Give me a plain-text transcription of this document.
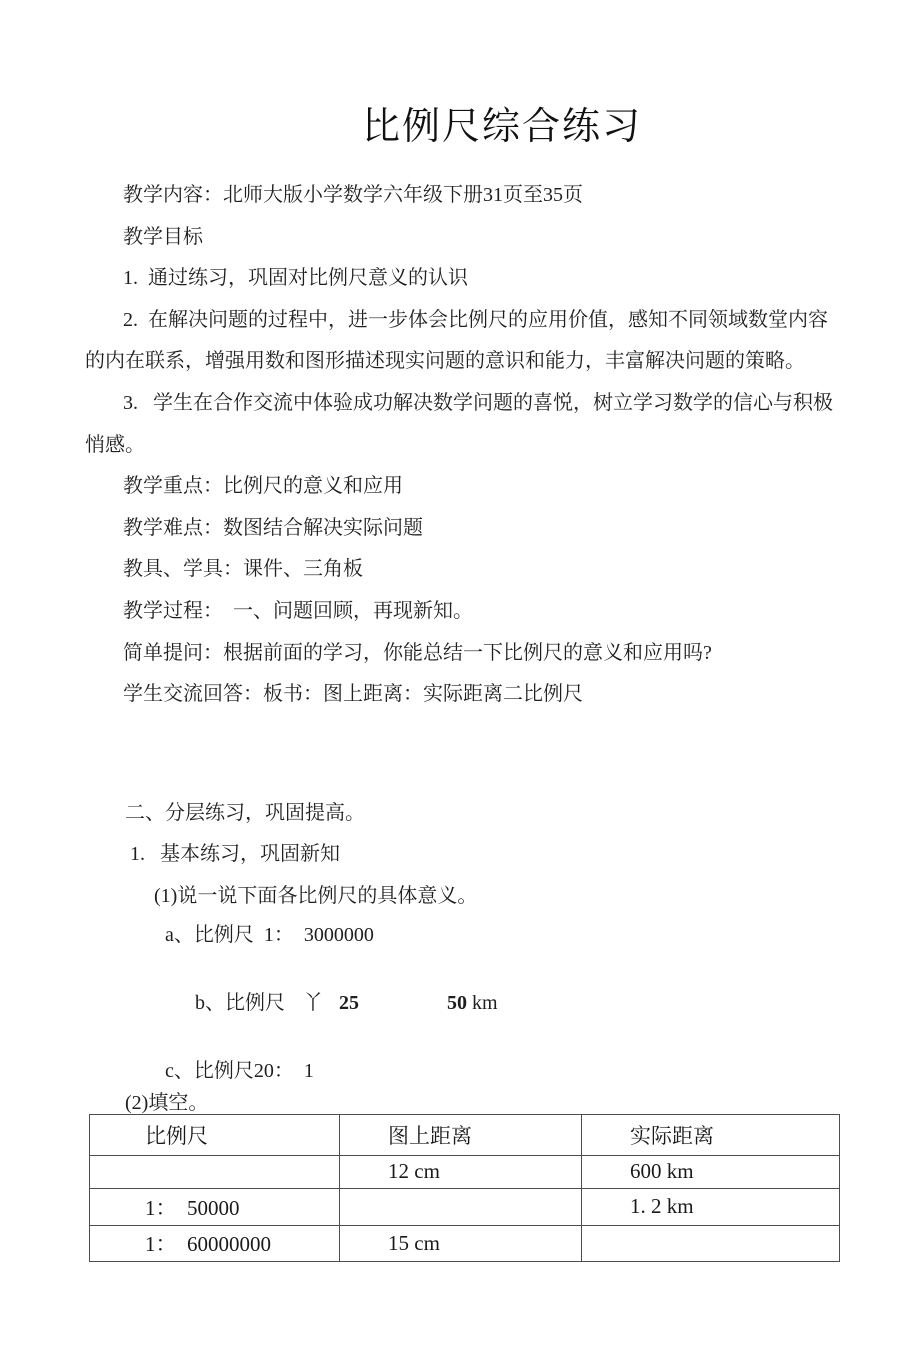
比例尺综合练习
教学内容：北师大版小学数学六年级下册31页至35页
教学目标
1.  通过练习，巩固对比例尺意义的认识
2.  在解决问题的过程中，进一步体会比例尺的应用价值，感知不同领域数堂内容的内在联系，增强用数和图形描述现实问题的意识和能力，丰富解决问题的策略。
3.   学生在合作交流中体验成功解决数学问题的喜悦，树立学习数学的信心与积极悄感。
教学重点：比例尺的意义和应用
教学难点：数图结合解决实际问题
教具、学具：课件、三角板
教学过程：  一、问题回顾，再现新知。
简单提问：根据前面的学习，你能总结一下比例尺的意义和应用吗?
学生交流回答：板书：图上距离：实际距离二比例尺
二、分层练习，巩固提高。
1.   基本练习，巩固新知
(1)说一说下面各比例尺的具体意义。
a、比例尺  1：  3000000

b、比例尺 丫 25	50 km

c、比例尺20：  1
(2)填空。
比例尺	图上距离	实际距离
	12 cm	600 km
1：  50000		1. 2 km
1：  60000000	15 cm	
